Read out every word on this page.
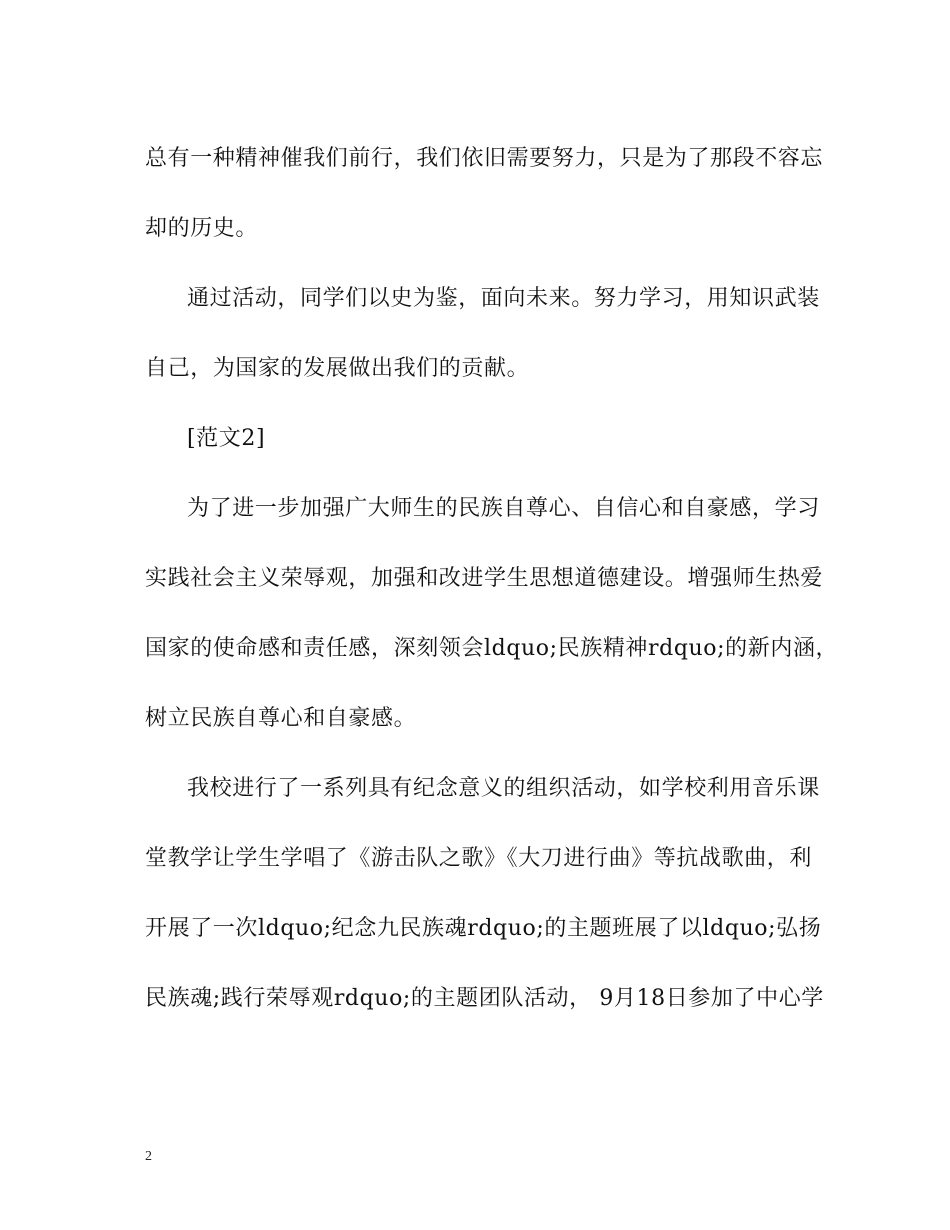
总有一种精神催我们前行，我们依旧需要努力，只是为了那段不容忘
却的历史。
通过活动，同学们以史为鉴，面向未来。努力学习，用知识武装
自己，为国家的发展做出我们的贡献。
[范文2]
为了进一步加强广大师生的民族自尊心、自信心和自豪感，学习
实践社会主义荣辱观，加强和改进学生思想道德建设。增强师生热爱
国家的使命感和责任感，深刻领会ldquo;民族精神rdquo;的新内涵，
树立民族自尊心和自豪感。
我校进行了一系列具有纪念意义的组织活动，如学校利用音乐课
堂教学让学生学唱了《游击队之歌》《大刀进行曲》等抗战歌曲，利
开展了一次ldquo;纪念九民族魂rdquo;的主题班展了以ldquo;弘扬
民族魂;践行荣辱观rdquo;的主题团队活动， 9月18日参加了中心学
2
